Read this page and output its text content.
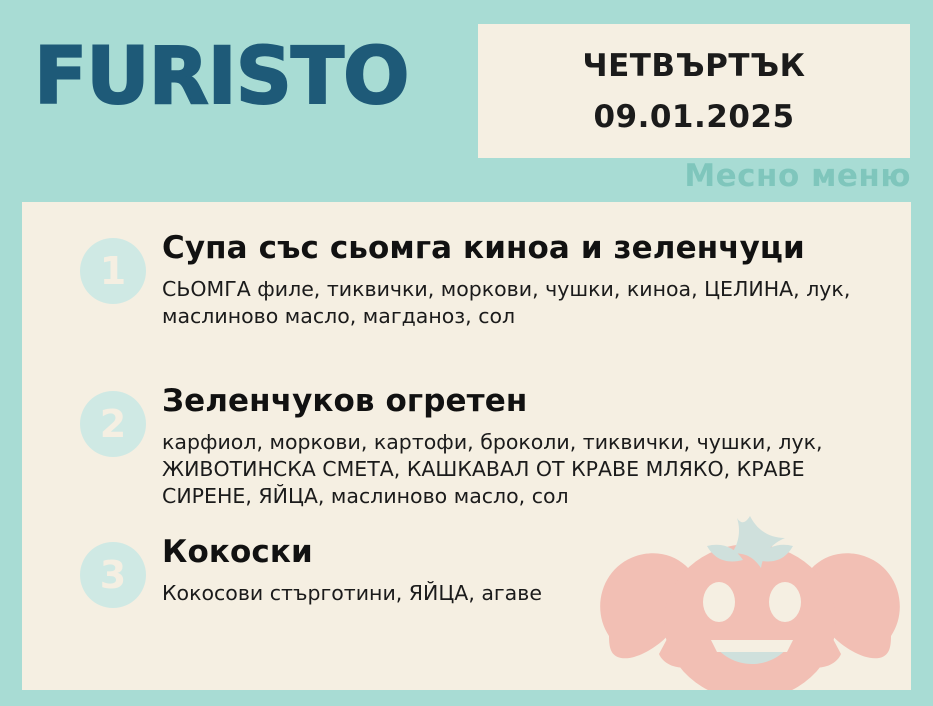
FURISTO	ЧЕТВЪРТЪК
09.01.2025
Месно меню
1
Супа със сьомга киноа и зеленчуци
СЬОМГА филе, тиквички, моркови, чушки, киноа, ЦЕЛИНА, лук, маслиново масло, магданоз, сол
2
Зеленчуков огретен
карфиол, моркови, картофи, броколи, тиквички, чушки, лук, ЖИВОТИНСКА СМЕТА, КАШКАВАЛ ОТ КРАВЕ МЛЯКО, КРАВЕ СИРЕНЕ, ЯЙЦА, маслиново масло, сол
3
Кокоски
Кокосови стърготини, ЯЙЦА, агаве
